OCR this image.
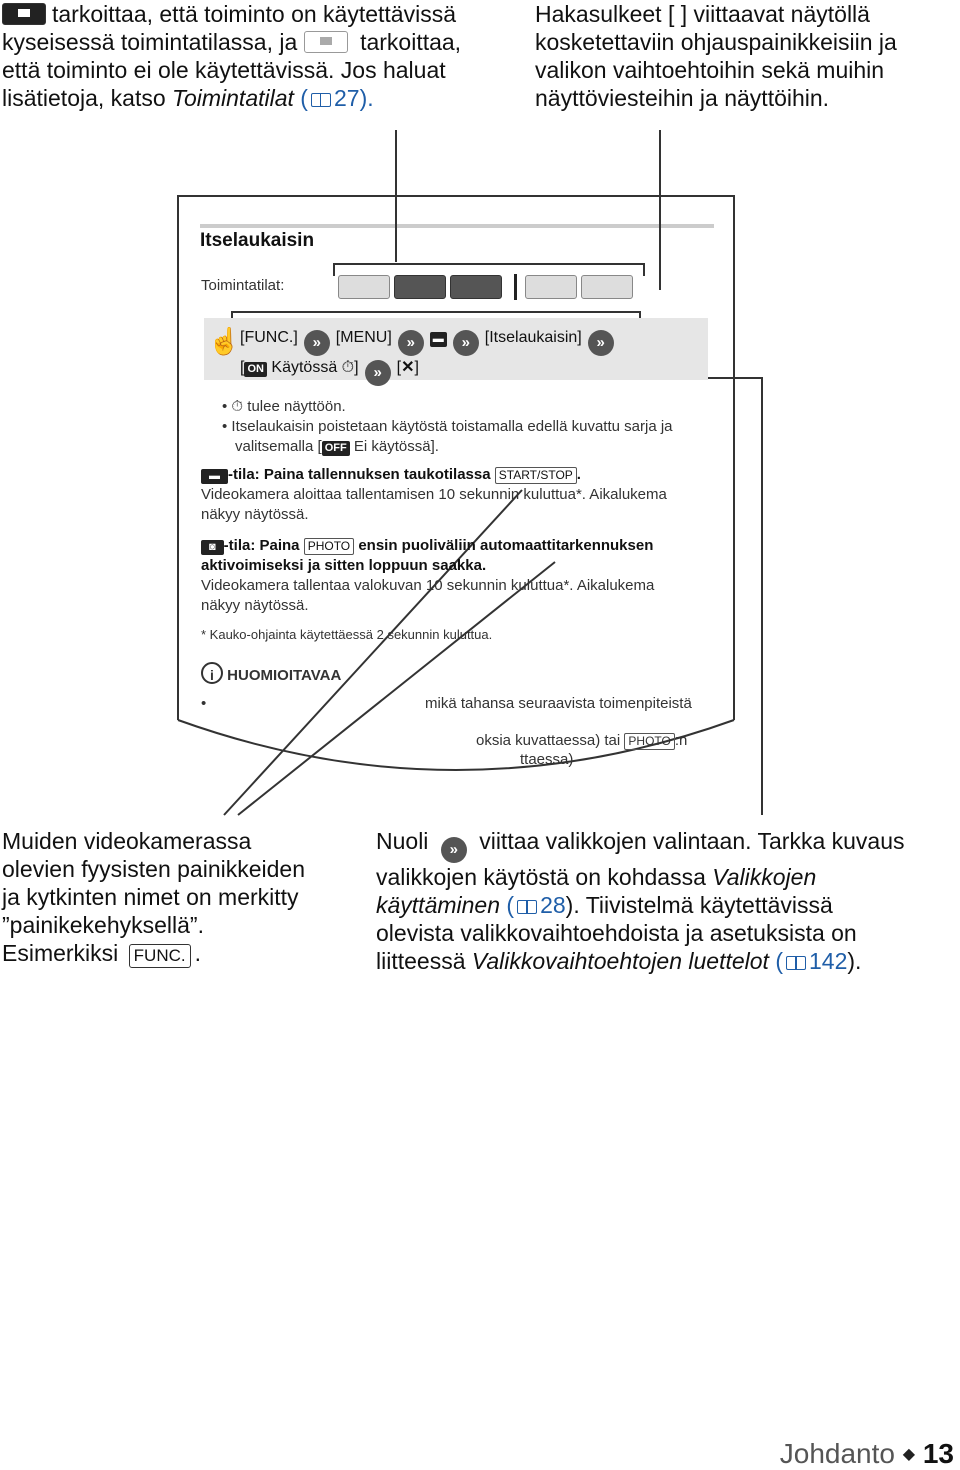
tarkoittaa, että toiminto on käytettävissä
kyseisessä toimintatilassa, ja	tarkoittaa,
että toiminto ei ole käytettävissä. Jos haluat
lisätietoja, katso Toimintatilat ( 27).
Hakasulkeet [ ] viittaavat näytöllä
kosketettaviin ohjauspainikkeisiin ja
valikon vaihtoehtoihin sekä muihin
näyttöviesteihin ja näyttöihin.
Itselaukaisin
Toimintatilat:
☝ [FUNC.] » [MENU] » ▬ » [Itselaukaisin] »
[ ON Käytössä ⏱] » [✕]
• ⏱ tulee näyttöön.
• Itselaukaisin poistetaan käytöstä toistamalla edellä kuvattu sarja ja
valitsemalla [ OFF Ei käytössä].
▬ -tila: Paina tallennuksen taukotilassa START/STOP .
Videokamera aloittaa tallentamisen 10 sekunnin kuluttua*. Aikalukema
näkyy näytössä.
◙ -tila: Paina PHOTO ensin puoliväliin automaattitarkennuksen
aktivoimiseksi ja sitten loppuun saakka.
Videokamera tallentaa valokuvan 10 sekunnin kuluttua*. Aikalukema
näkyy näytössä.
* Kauko-ohjainta käytettäessä 2 sekunnin kuluttua.
i HUOMIOITAVAA
•	mikä tahansa seuraavista toimenpiteistä
oksia kuvattaessa) tai PHOTO :n
ttaessa)
Muiden videokamerassa
olevien fyysisten painikkeiden
ja kytkinten nimet on merkitty
”painikekehyksellä”.
Esimerkiksi FUNC. .
Nuoli » viittaa valikkojen valintaan. Tarkka kuvaus
valikkojen käytöstä on kohdassa Valikkojen
käyttäminen ( 28). Tiivistelmä käytettävissä
olevista valikkovaihtoehdoista ja asetuksista on
liitteessä Valikkovaihtoehtojen luettelot ( 142).
Johdanto ◆ 13
